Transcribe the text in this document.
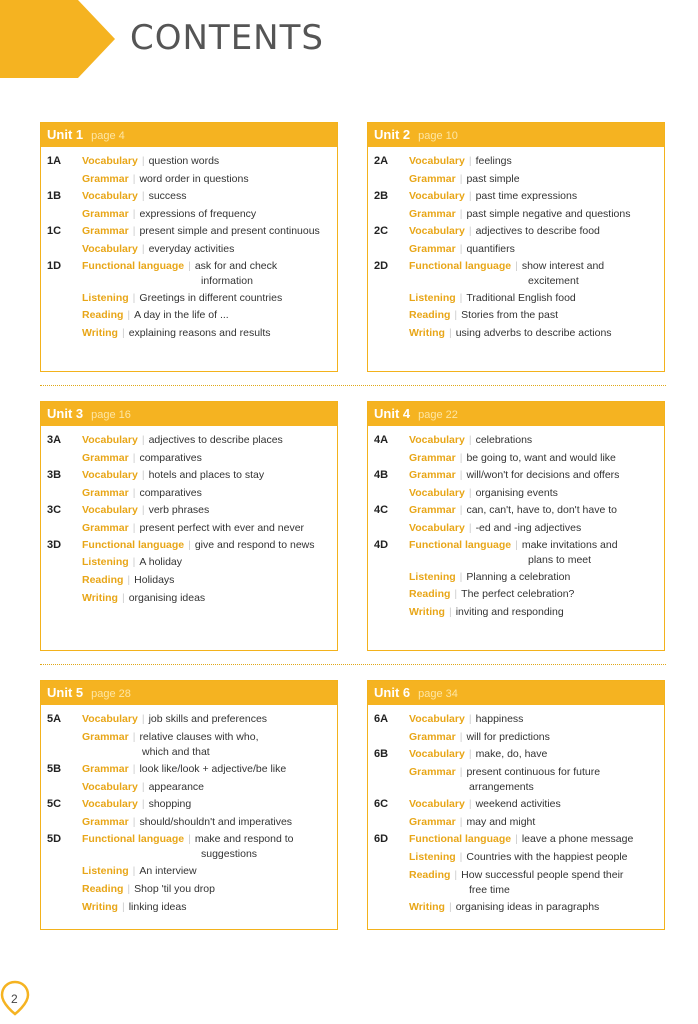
CONTENTS
Unit 1 page 4
1A Vocabulary | question words
Grammar | word order in questions
1B Vocabulary | success
Grammar | expressions of frequency
1C Grammar | present simple and present continuous
Vocabulary | everyday activities
1D Functional language | ask for and check
information
Listening | Greetings in different countries
Reading | A day in the life of ...
Writing | explaining reasons and results
Unit 2 page 10
2A Vocabulary | feelings
Grammar | past simple
2B Vocabulary | past time expressions
Grammar | past simple negative and questions
2C Vocabulary | adjectives to describe food
Grammar | quantifiers
2D Functional language | show interest and
excitement
Listening | Traditional English food
Reading | Stories from the past
Writing | using adverbs to describe actions
Unit 3 page 16
3A Vocabulary | adjectives to describe places
Grammar | comparatives
3B Vocabulary | hotels and places to stay
Grammar | comparatives
3C Vocabulary | verb phrases
Grammar | present perfect with ever and never
3D Functional language | give and respond to news
Listening | A holiday
Reading | Holidays
Writing | organising ideas
Unit 4 page 22
4A Vocabulary | celebrations
Grammar | be going to, want and would like
4B Grammar | will/won't for decisions and offers
Vocabulary | organising events
4C Grammar | can, can't, have to, don't have to
Vocabulary | -ed and -ing adjectives
4D Functional language | make invitations and
plans to meet
Listening | Planning a celebration
Reading | The perfect celebration?
Writing | inviting and responding
Unit 5 page 28
5A Vocabulary | job skills and preferences
Grammar | relative clauses with who,
which and that
5B Grammar | look like/look + adjective/be like
Vocabulary | appearance
5C Vocabulary | shopping
Grammar | should/shouldn't and imperatives
5D Functional language | make and respond to
suggestions
Listening | An interview
Reading | Shop 'til you drop
Writing | linking ideas
Unit 6 page 34
6A Vocabulary | happiness
Grammar | will for predictions
6B Vocabulary | make, do, have
Grammar | present continuous for future
arrangements
6C Vocabulary | weekend activities
Grammar | may and might
6D Functional language | leave a phone message
Listening | Countries with the happiest people
Reading | How successful people spend their
free time
Writing | organising ideas in paragraphs
2
